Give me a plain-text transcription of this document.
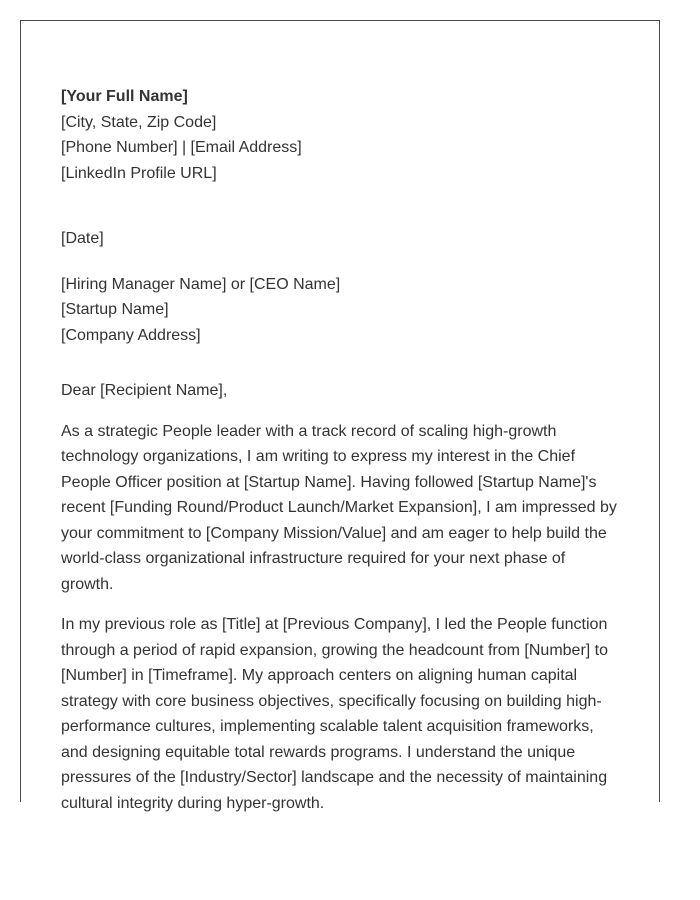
[Your Full Name]
[City, State, Zip Code]
[Phone Number] | [Email Address]
[LinkedIn Profile URL]
[Date]
[Hiring Manager Name] or [CEO Name]
[Startup Name]
[Company Address]
Dear [Recipient Name],
As a strategic People leader with a track record of scaling high-growth
technology organizations, I am writing to express my interest in the Chief
People Officer position at [Startup Name]. Having followed [Startup Name]'s
recent [Funding Round/Product Launch/Market Expansion], I am impressed by
your commitment to [Company Mission/Value] and am eager to help build the
world-class organizational infrastructure required for your next phase of
growth.
In my previous role as [Title] at [Previous Company], I led the People function
through a period of rapid expansion, growing the headcount from [Number] to
[Number] in [Timeframe]. My approach centers on aligning human capital
strategy with core business objectives, specifically focusing on building high-
performance cultures, implementing scalable talent acquisition frameworks,
and designing equitable total rewards programs. I understand the unique
pressures of the [Industry/Sector] landscape and the necessity of maintaining
cultural integrity during hyper-growth.
